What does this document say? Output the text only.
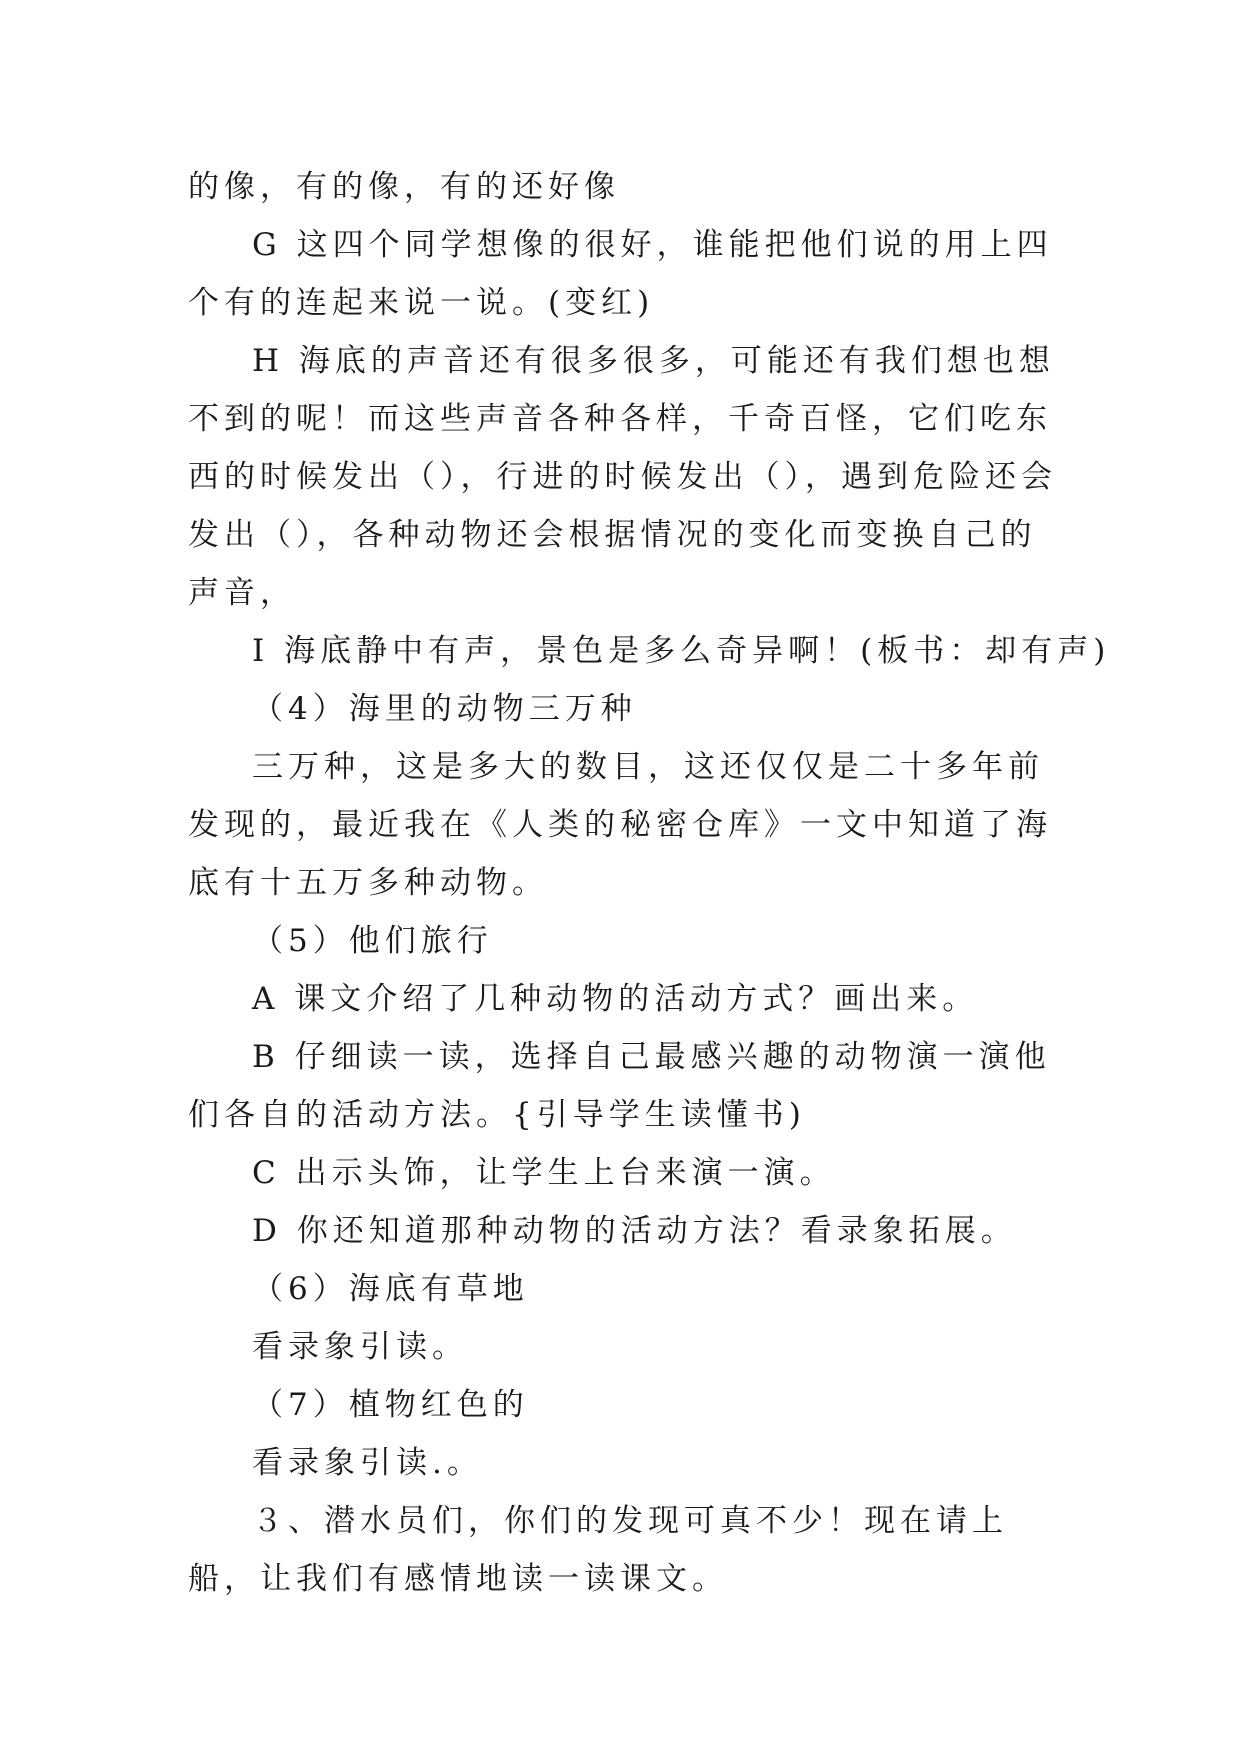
的像，有的像，有的还好像

G 这四个同学想像的很好，谁能把他们说的用上四个有的连起来说一说。(变红)

H 海底的声音还有很多很多，可能还有我们想也想不到的呢！而这些声音各种各样，千奇百怪，它们吃东西的时候发出（），行进的时候发出（），遇到危险还会发出（），各种动物还会根据情况的变化而变换自己的声音，

I 海底静中有声，景色是多么奇异啊！(板书：却有声)

（4）海里的动物三万种

三万种，这是多大的数目，这还仅仅是二十多年前发现的，最近我在《人类的秘密仓库》一文中知道了海底有十五万多种动物。

（5）他们旅行

A 课文介绍了几种动物的活动方式？画出来。

B 仔细读一读，选择自己最感兴趣的动物演一演他们各自的活动方法。{引导学生读懂书)

C 出示头饰，让学生上台来演一演。

D 你还知道那种动物的活动方法？看录象拓展。

（6）海底有草地

看录象引读。

（7）植物红色的

看录象引读.。

３、潜水员们，你们的发现可真不少！现在请上船，让我们有感情地读一读课文。
